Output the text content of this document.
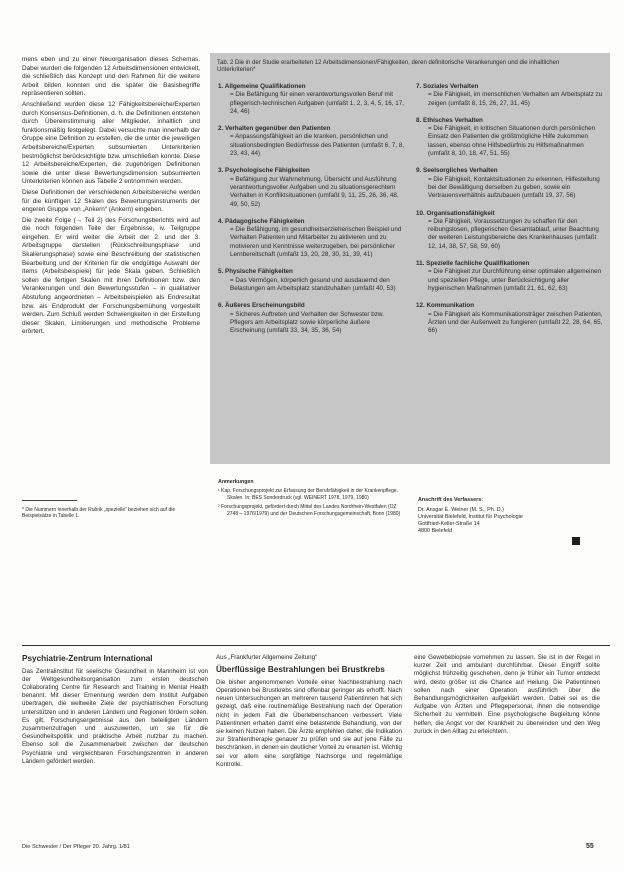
mens eben und zu einer Neuorganisation dieses Schemas. Dabei wurden die folgenden 12 Arbeitsdimensionen entwickelt, die schließlich das Konzept und den Rahmen für die weitere Arbeit bilden konnten und die später die Basisbegriffe repräsentieren sollten.

Anschließend wurden diese 12 Fähigkeitsbereiche/Experten durch Konsensus-Definitionen, d. h. die Definitionen entstehen durch Übereinstimmung aller Mitglieder, inhaltlich und funktionsmäßig festgelegt. Dabei versuchte man innerhalb der Gruppe eine Definition zu erstellen, die die unter die jeweiligen Arbeitsbereiche/Experten subsumierten Unterkriterien bestmöglichst berücksichtigte bzw. umschließen konnte. Diese 12 Arbeitsbereiche/Experten, die zugehörigen Definitionen sowie die unter diese Bewertungsdimension subsumierten Unterkriterien können aus Tabelle 2 entnommen werden.

Diese Definitionen der verschiedenen Arbeitsbereiche werden für die künftigen 12 Skalen des Bewertungsinstruments der engeren Gruppe von „Ankern“ (Ankern) eingeben.

Die zweite Folge (→ Teil 2) des Forschungsberichts wird auf die noch folgenden Teile der Ergebnisse, iv. Teilgruppe eingehen. Er wird weiter die Arbeit der 2. und der 3. Arbeitsgruppe darstellen (Rückschreibungsphase und Skalierungsphase) sowie eine Beschreibung der statistischen Bearbeitung und der Kriterien für die endgültige Auswahl der Items (Arbeitsbeispiele) für jede Skala geben. Schließlich sollen die fertigen Skalen mit ihren Definitionen bzw. den Verankerungen und den Bewertungsstufen – in qualitativer Abstufung angeordneten – Arbeitsbeispielen als Endresultat bzw. als Endprodukt der Forschungsbemühung vorgestellt werden. Zum Schluß werden Schwierigkeiten in der Erstellung dieser Skalen, Limitierungen und methodische Probleme erörtert.

* Die Nummern innerhalb der Rubrik „spezielle“ beziehen sich auf die Beispielsätze in Tabelle 1.
Tab. 2 Die in der Studie erarbeiteten 12 Arbeitsdimensionen/Fähigkeiten, deren definitorische Verankerungen und die inhaltlichen Unterkriterien*
1. Allgemeine Qualifikationen
= Die Befähigung für einen verantwortungsvollen Beruf mit pflegerisch-technischen Aufgaben (umfaßt 1, 2, 3, 4, 5, 16, 17, 24, 46)
2. Verhalten gegenüber den Patienten
= Anpassungsfähigkeit an die kranken, persönlichen und situationsbedingten Bedürfnisse des Patienten (umfaßt 6, 7, 8, 23, 43, 44)
3. Psychologische Fähigkeiten
= Befähigung zur Wahrnehmung, Übersicht und Ausführung verantwortungsvoller Aufgaben und zu situationsgerechtem Verhalten in Konfliktsituationen (umfaßt 9, 11, 25, 26, 36, 48, 49, 50, 52)
4. Pädagogische Fähigkeiten
= Die Befähigung, im gesundheitserzieherischen Beispiel und Verhalten Patienten und Mitarbeiter zu aktivieren und zu motivieren und Kenntnisse weiterzugeben, bei persönlicher Lernbereitschaft (umfaßt 13, 20, 28, 30, 31, 39, 41)
5. Physische Fähigkeiten
= Das Vermögen, körperlich gesund und ausdauernd den Belastungen am Arbeitsplatz standzuhalten (umfaßt 40, 53)
6. Äußeres Erscheinungsbild
= Sicheres Auftreten und Verhalten der Schwester bzw. Pflegers am Arbeitsplatz sowie körperliche äußere Erscheinung (umfaßt 33, 34, 35, 36, 54)
7. Soziales Verhalten
= Die Fähigkeit, im menschlichen Verhalten am Arbeitsplatz zu zeigen (umfaßt 8, 15, 26, 27, 31, 45)
8. Ethisches Verhalten
= Die Fähigkeit, in kritischen Situationen durch persönlichen Einsatz den Patienten die größtmögliche Hilfe zukommen lassen, ebenso ohne Hilfsbedürfnis zu Hilfsmaßnahmen (umfaßt 8, 10, 18, 47, 51, 55)
9. Seelsorgliches Verhalten
= Die Fähigkeit, Kontaktsituationen zu erkennen, Hilfestellung bei der Bewältigung derselben zu geben, sowie ein Vertrauensverhältnis aufzubauen (umfaßt 19, 37, 56)
10. Organisationsfähigkeit
= Die Fähigkeit, Voraussetzungen zu schaffen für den reibungslosen, pflegerischen Gesamtablauf, unter Beachtung der weiteren Leistungsbereiche des Krankenhauses (umfaßt 12, 14, 38, 57, 58, 59, 60)
11. Spezielle fachliche Qualifikationen
= Die Fähigkeit zur Durchführung einer optimalen allgemeinen und speziellen Pflege, unter Berücksichtigung aller hygienischen Maßnahmen (umfaßt 21, 61, 62, 63)
12. Kommunikation
= Die Fähigkeit als Kommunikationsträger zwischen Patienten, Ärzten und der Außenwelt zu fungieren (umfaßt 22, 28, 64, 65, 66)
Anmerkungen

¹ Kap. Forschungsprojekt zur Erfassung der Berufsfähigkeit in der Krankenpflege. Skalen. In: BES Sonderdruck (vgl. WEINERT 1978, 1979, 1980)

² Forschungsprojekt, gefördert durch Mittel des Landes Nordrhein-Westfalen (OZ 2748 – 1976/1979) und der Deutschen Forschungsgemeinschaft, Bonn (1980)

Anschrift des Verfassers:
Dr. Ansgar E. Weiner (M. S., Ph. D.)
Universität Bielefeld, Institut für Psychologie
Gottfried-Keller-Straße 14
4800 Bielefeld
Psychiatrie-Zentrum International

Das Zentralinstitut für seelische Gesundheit in Mannheim ist von der Weltgesundheitsorganisation zum ersten deutschen Collaborating Centre für Research and Training in Mental Health benannt. Mit dieser Ernennung werden dem Institut Aufgaben übertragen, die weltweite Ziele der psychiatrischen Forschung unterstützen und in anderen Ländern und Regionen fördern sollen. Es gilt, Forschungsergebnisse aus den beteiligten Ländern zusammenzutragen und auszuwerten, um sie für die Gesundheitspolitik und praktische Arbeit nutzbar zu machen. Ebenso soll die Zusammenarbeit zwischen der deutschen Psychiatrie und vergleichbaren Forschungszentren in anderen Ländern gefördert werden.

Aus „Frankfurter Allgemeine Zeitung“

Überflüssige Bestrahlungen bei Brustkrebs

Die bisher angenommenen Vorteile einer Nachbestrahlung nach Operationen bei Brustkrebs sind offenbar geringer als erhofft. Nach neuen Untersuchungen an mehreren tausend Patientinnen hat sich gezeigt, daß eine routinemäßige Bestrahlung nach der Operation nicht in jedem Fall die Überlebenschancen verbessert. Viele Patientinnen erhalten damit eine belastende Behandlung, von der sie keinen Nutzen haben. Die Ärzte empfehlen daher, die Indikation zur Strahlentherapie genauer zu prüfen und sie auf jene Fälle zu beschränken, in denen ein deutlicher Vorteil zu erwarten ist. Wichtig sei vor allem eine sorgfältige Nachsorge und regelmäßige Kontrolle.

eine Gewebebiopsie vornehmen zu lassen. Sie ist in der Regel in kurzer Zeit und ambulant durchführbar. Dieser Eingriff sollte möglichst frühzeitig geschehen, denn je früher ein Tumor entdeckt wird, desto größer ist die Chance auf Heilung. Die Patientinnen sollen nach einer Operation ausführlich über die Behandlungsmöglichkeiten aufgeklärt werden. Dabei sei es die Aufgabe von Ärzten und Pflegepersonal, ihnen die notwendige Sicherheit zu vermitteln. Eine psychologische Begleitung könne helfen, die Angst vor der Krankheit zu überwinden und den Weg zurück in den Alltag zu erleichtern.

Die Schwester / Der Pfleger 20. Jahrg. 1/81	55
